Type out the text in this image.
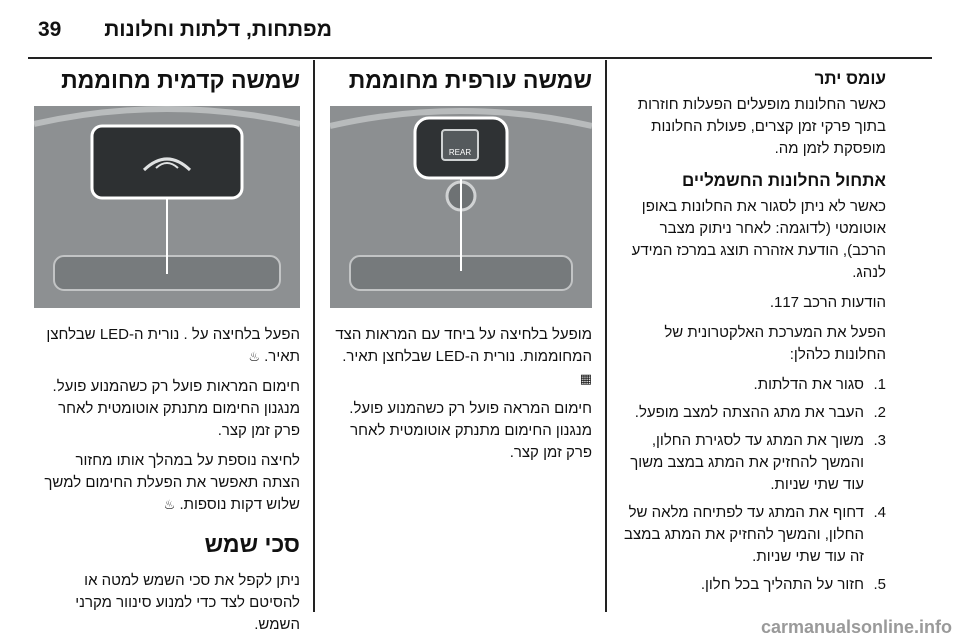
39 מפתחות, דלתות וחלונות
עומס יתר

כאשר החלונות מופעלים הפעלות חוזרות בתוך פרקי זמן קצרים, פעולת החלונות מופסקת לזמן מה.

אתחול החלונות החשמליים

כאשר לא ניתן לסגור את החלונות באופן אוטומטי (לדוגמה: לאחר ניתוק מצבר הרכב), הודעת אזהרה תוצג במרכז המידע לנהג.

הודעות הרכב 117.

הפעל את המערכת האלקטרונית של החלונות כלהלן:

1.
סגור את הדלתות.
2.
העבר את מתג ההצתה למצב מופעל.
3.
משוך את המתג עד לסגירת החלון, והמשך להחזיק את המתג במצב משוך עוד שתי שניות.
4.
דחוף את המתג עד לפתיחה מלאה של החלון, והמשך להחזיק את המתג במצב זה עוד שתי שניות.
5.
חזור על התהליך בכל חלון.
שמשה עורפית מחוממת
REAR

מופעל בלחיצה על ביחד עם המראות הצד המחוממות. נורית ה-LED שבלחצן תאיר. ▦

חימום המראה פועל רק כשהמנוע פועל. מנגנון החימום מתנתק אוטומטית לאחר פרק זמן קצר.

שמשה קדמית מחוממת

הפעל בלחיצה על . נורית ה-LED שבלחצן תאיר. ♨

חימום המראות פועל רק כשהמנוע פועל. מנגנון החימום מתנתק אוטומטית לאחר פרק זמן קצר.

לחיצה נוספת על במהלך אותו מחזור הצתה תאפשר את הפעלת החימום למשך שלוש דקות נוספות. ♨

סכי שמש

ניתן לקפל את סכי השמש למטה או להסיטם לצד כדי למנוע סינוור מקרני השמש.	carmanualsonline.info
